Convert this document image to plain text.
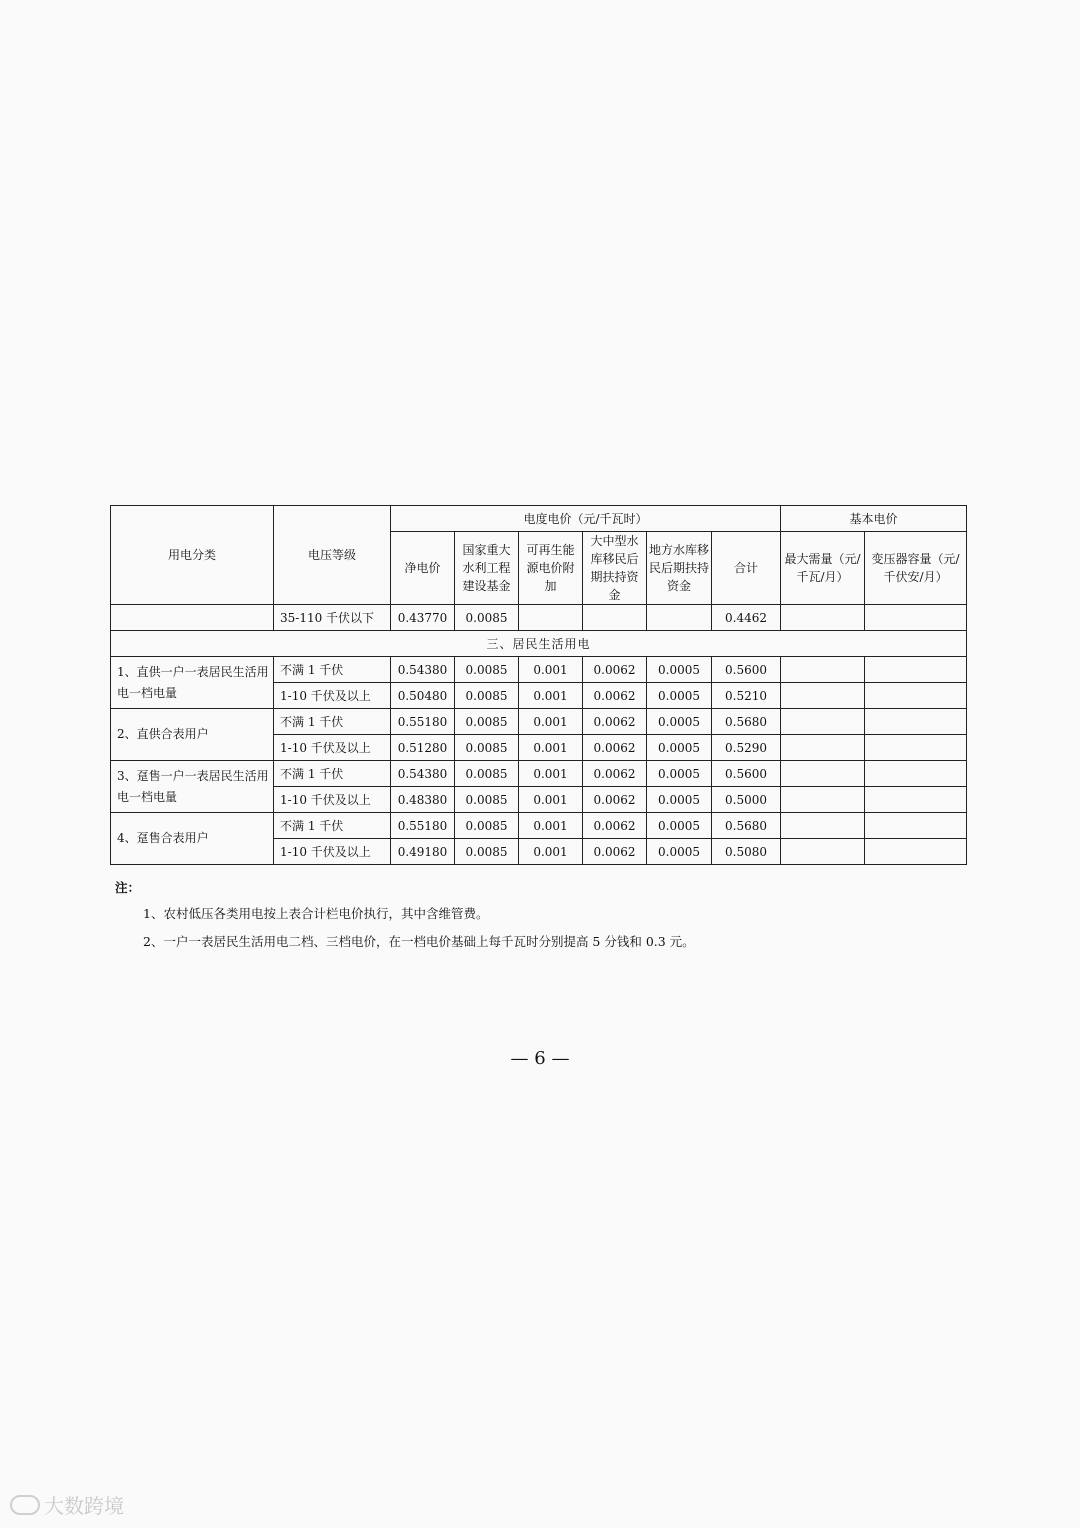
用电分类	电压等级	电度电价（元/千瓦时）						基本电价	
		净电价	国家重大水利工程建设基金	可再生能源电价附加	大中型水库移民后期扶持资金	地方水库移民后期扶持资金	合计	最大需量（元/千瓦/月）	变压器容量（元/千伏安/月）
	35-110 千伏以下	0.43770	0.0085				0.4462		
三、居民生活用电									
1、直供一户一表居民生活用电一档电量	不满 1 千伏	0.54380	0.0085	0.001	0.0062	0.0005	0.5600		
	1-10 千伏及以上	0.50480	0.0085	0.001	0.0062	0.0005	0.5210		
2、直供合表用户	不满 1 千伏	0.55180	0.0085	0.001	0.0062	0.0005	0.5680		
	1-10 千伏及以上	0.51280	0.0085	0.001	0.0062	0.0005	0.5290		
3、趸售一户一表居民生活用电一档电量	不满 1 千伏	0.54380	0.0085	0.001	0.0062	0.0005	0.5600		
	1-10 千伏及以上	0.48380	0.0085	0.001	0.0062	0.0005	0.5000		
4、趸售合表用户	不满 1 千伏	0.55180	0.0085	0.001	0.0062	0.0005	0.5680		
	1-10 千伏及以上	0.49180	0.0085	0.001	0.0062	0.0005	0.5080		
注：
1、农村低压各类用电按上表合计栏电价执行，其中含维管费。
2、一户一表居民生活用电二档、三档电价，在一档电价基础上每千瓦时分别提高 5 分钱和 0.3 元。
— 6 —
大数跨境
